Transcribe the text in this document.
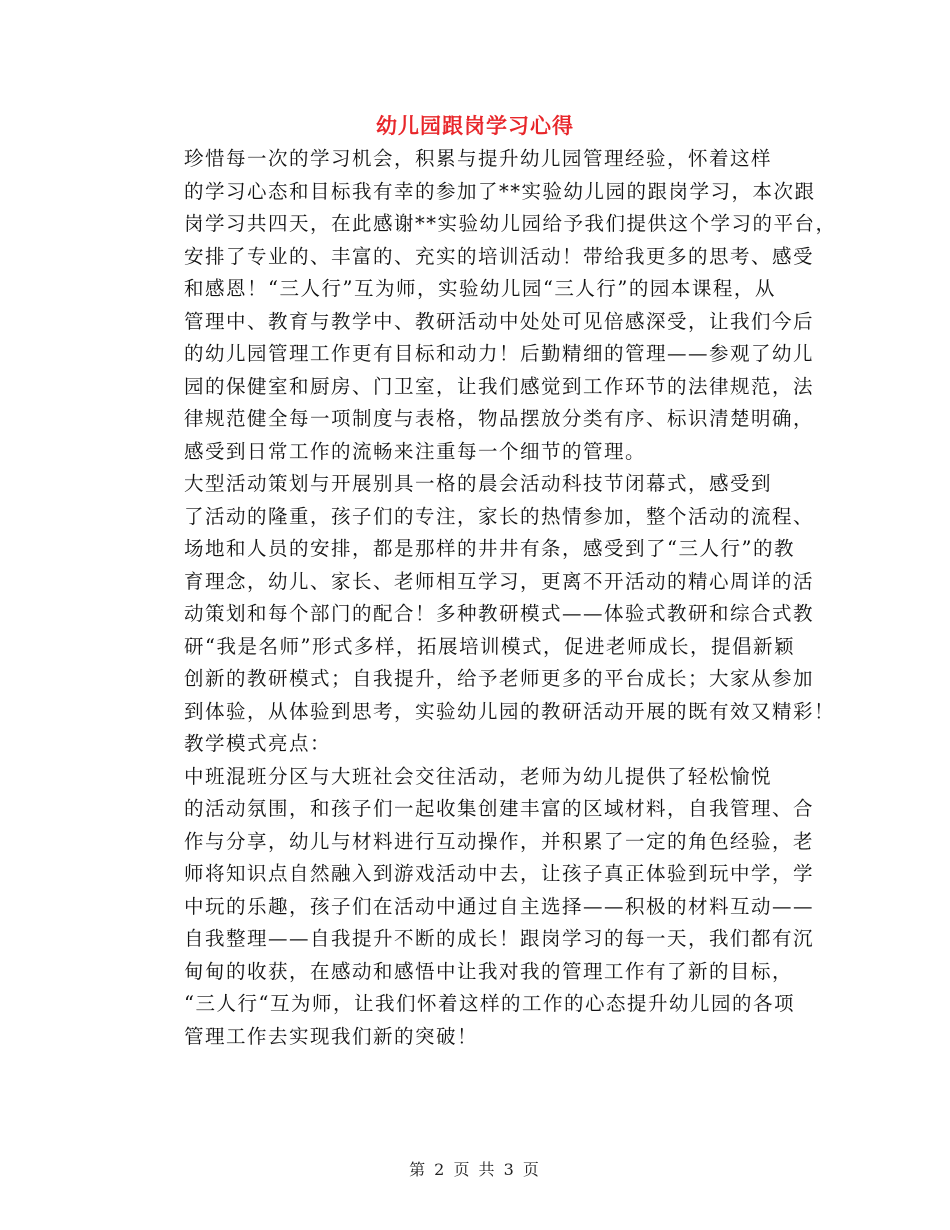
幼儿园跟岗学习心得

珍惜每一次的学习机会，积累与提升幼儿园管理经验，怀着这样
的学习心态和目标我有幸的参加了**实验幼儿园的跟岗学习，本次跟
岗学习共四天，在此感谢**实验幼儿园给予我们提供这个学习的平台，
安排了专业的、丰富的、充实的培训活动！带给我更多的思考、感受
和感恩！“三人行”互为师，实验幼儿园“三人行”的园本课程，从
管理中、教育与教学中、教研活动中处处可见倍感深受，让我们今后
的幼儿园管理工作更有目标和动力！后勤精细的管理——参观了幼儿
园的保健室和厨房、门卫室，让我们感觉到工作环节的法律规范，法
律规范健全每一项制度与表格，物品摆放分类有序、标识清楚明确，
感受到日常工作的流畅来注重每一个细节的管理。

大型活动策划与开展别具一格的晨会活动科技节闭幕式，感受到
了活动的隆重，孩子们的专注，家长的热情参加，整个活动的流程、
场地和人员的安排，都是那样的井井有条，感受到了“三人行”的教
育理念，幼儿、家长、老师相互学习，更离不开活动的精心周详的活
动策划和每个部门的配合！多种教研模式——体验式教研和综合式教
研“我是名师”形式多样，拓展培训模式，促进老师成长，提倡新颖
创新的教研模式；自我提升，给予老师更多的平台成长；大家从参加
到体验，从体验到思考，实验幼儿园的教研活动开展的既有效又精彩！
教学模式亮点：

中班混班分区与大班社会交往活动，老师为幼儿提供了轻松愉悦
的活动氛围，和孩子们一起收集创建丰富的区域材料，自我管理、合
作与分享，幼儿与材料进行互动操作，并积累了一定的角色经验，老
师将知识点自然融入到游戏活动中去，让孩子真正体验到玩中学，学
中玩的乐趣，孩子们在活动中通过自主选择——积极的材料互动——
自我整理——自我提升不断的成长！跟岗学习的每一天，我们都有沉
甸甸的收获，在感动和感悟中让我对我的管理工作有了新的目标，
“三人行“互为师，让我们怀着这样的工作的心态提升幼儿园的各项
管理工作去实现我们新的突破！

第 2 页 共 3 页
